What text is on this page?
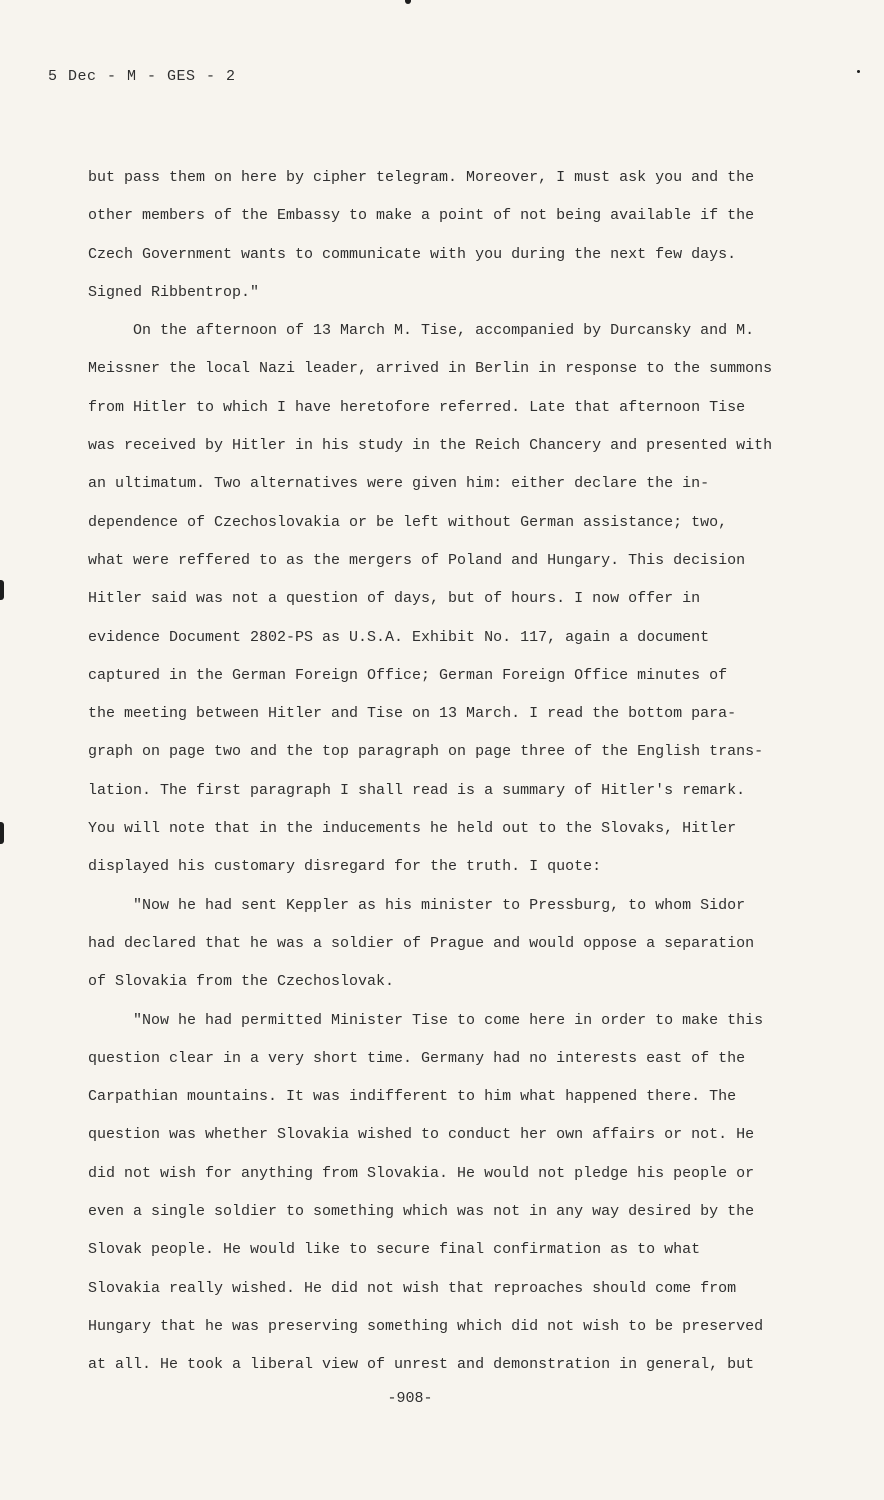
5 Dec - M - GES - 2
but pass them on here by cipher telegram. Moreover, I must ask you and the
other members of the Embassy to make a point of not being available if the
Czech Government wants to communicate with you during the next few days.
Signed Ribbentrop."
On the afternoon of 13 March M. Tise, accompanied by Durcansky and M.
Meissner the local Nazi leader, arrived in Berlin in response to the summons
from Hitler to which I have heretofore referred. Late that afternoon Tise
was received by Hitler in his study in the Reich Chancery and presented with
an ultimatum. Two alternatives were given him: either declare the in-
dependence of Czechoslovakia or be left without German assistance; two,
what were reffered to as the mergers of Poland and Hungary. This decision
Hitler said was not a question of days, but of hours. I now offer in
evidence Document 2802-PS as U.S.A. Exhibit No. 117, again a document
captured in the German Foreign Office; German Foreign Office minutes of
the meeting between Hitler and Tise on 13 March. I read the bottom para-
graph on page two and the top paragraph on page three of the English trans-
lation. The first paragraph I shall read is a summary of Hitler's remark.
You will note that in the inducements he held out to the Slovaks, Hitler
displayed his customary disregard for the truth. I quote:
"Now he had sent Keppler as his minister to Pressburg, to whom Sidor
had declared that he was a soldier of Prague and would oppose a separation
of Slovakia from the Czechoslovak.
"Now he had permitted Minister Tise to come here in order to make this
question clear in a very short time. Germany had no interests east of the
Carpathian mountains. It was indifferent to him what happened there. The
question was whether Slovakia wished to conduct her own affairs or not. He
did not wish for anything from Slovakia. He would not pledge his people or
even a single soldier to something which was not in any way desired by the
Slovak people. He would like to secure final confirmation as to what
Slovakia really wished. He did not wish that reproaches should come from
Hungary that he was preserving something which did not wish to be preserved
at all. He took a liberal view of unrest and demonstration in general, but
-908-
